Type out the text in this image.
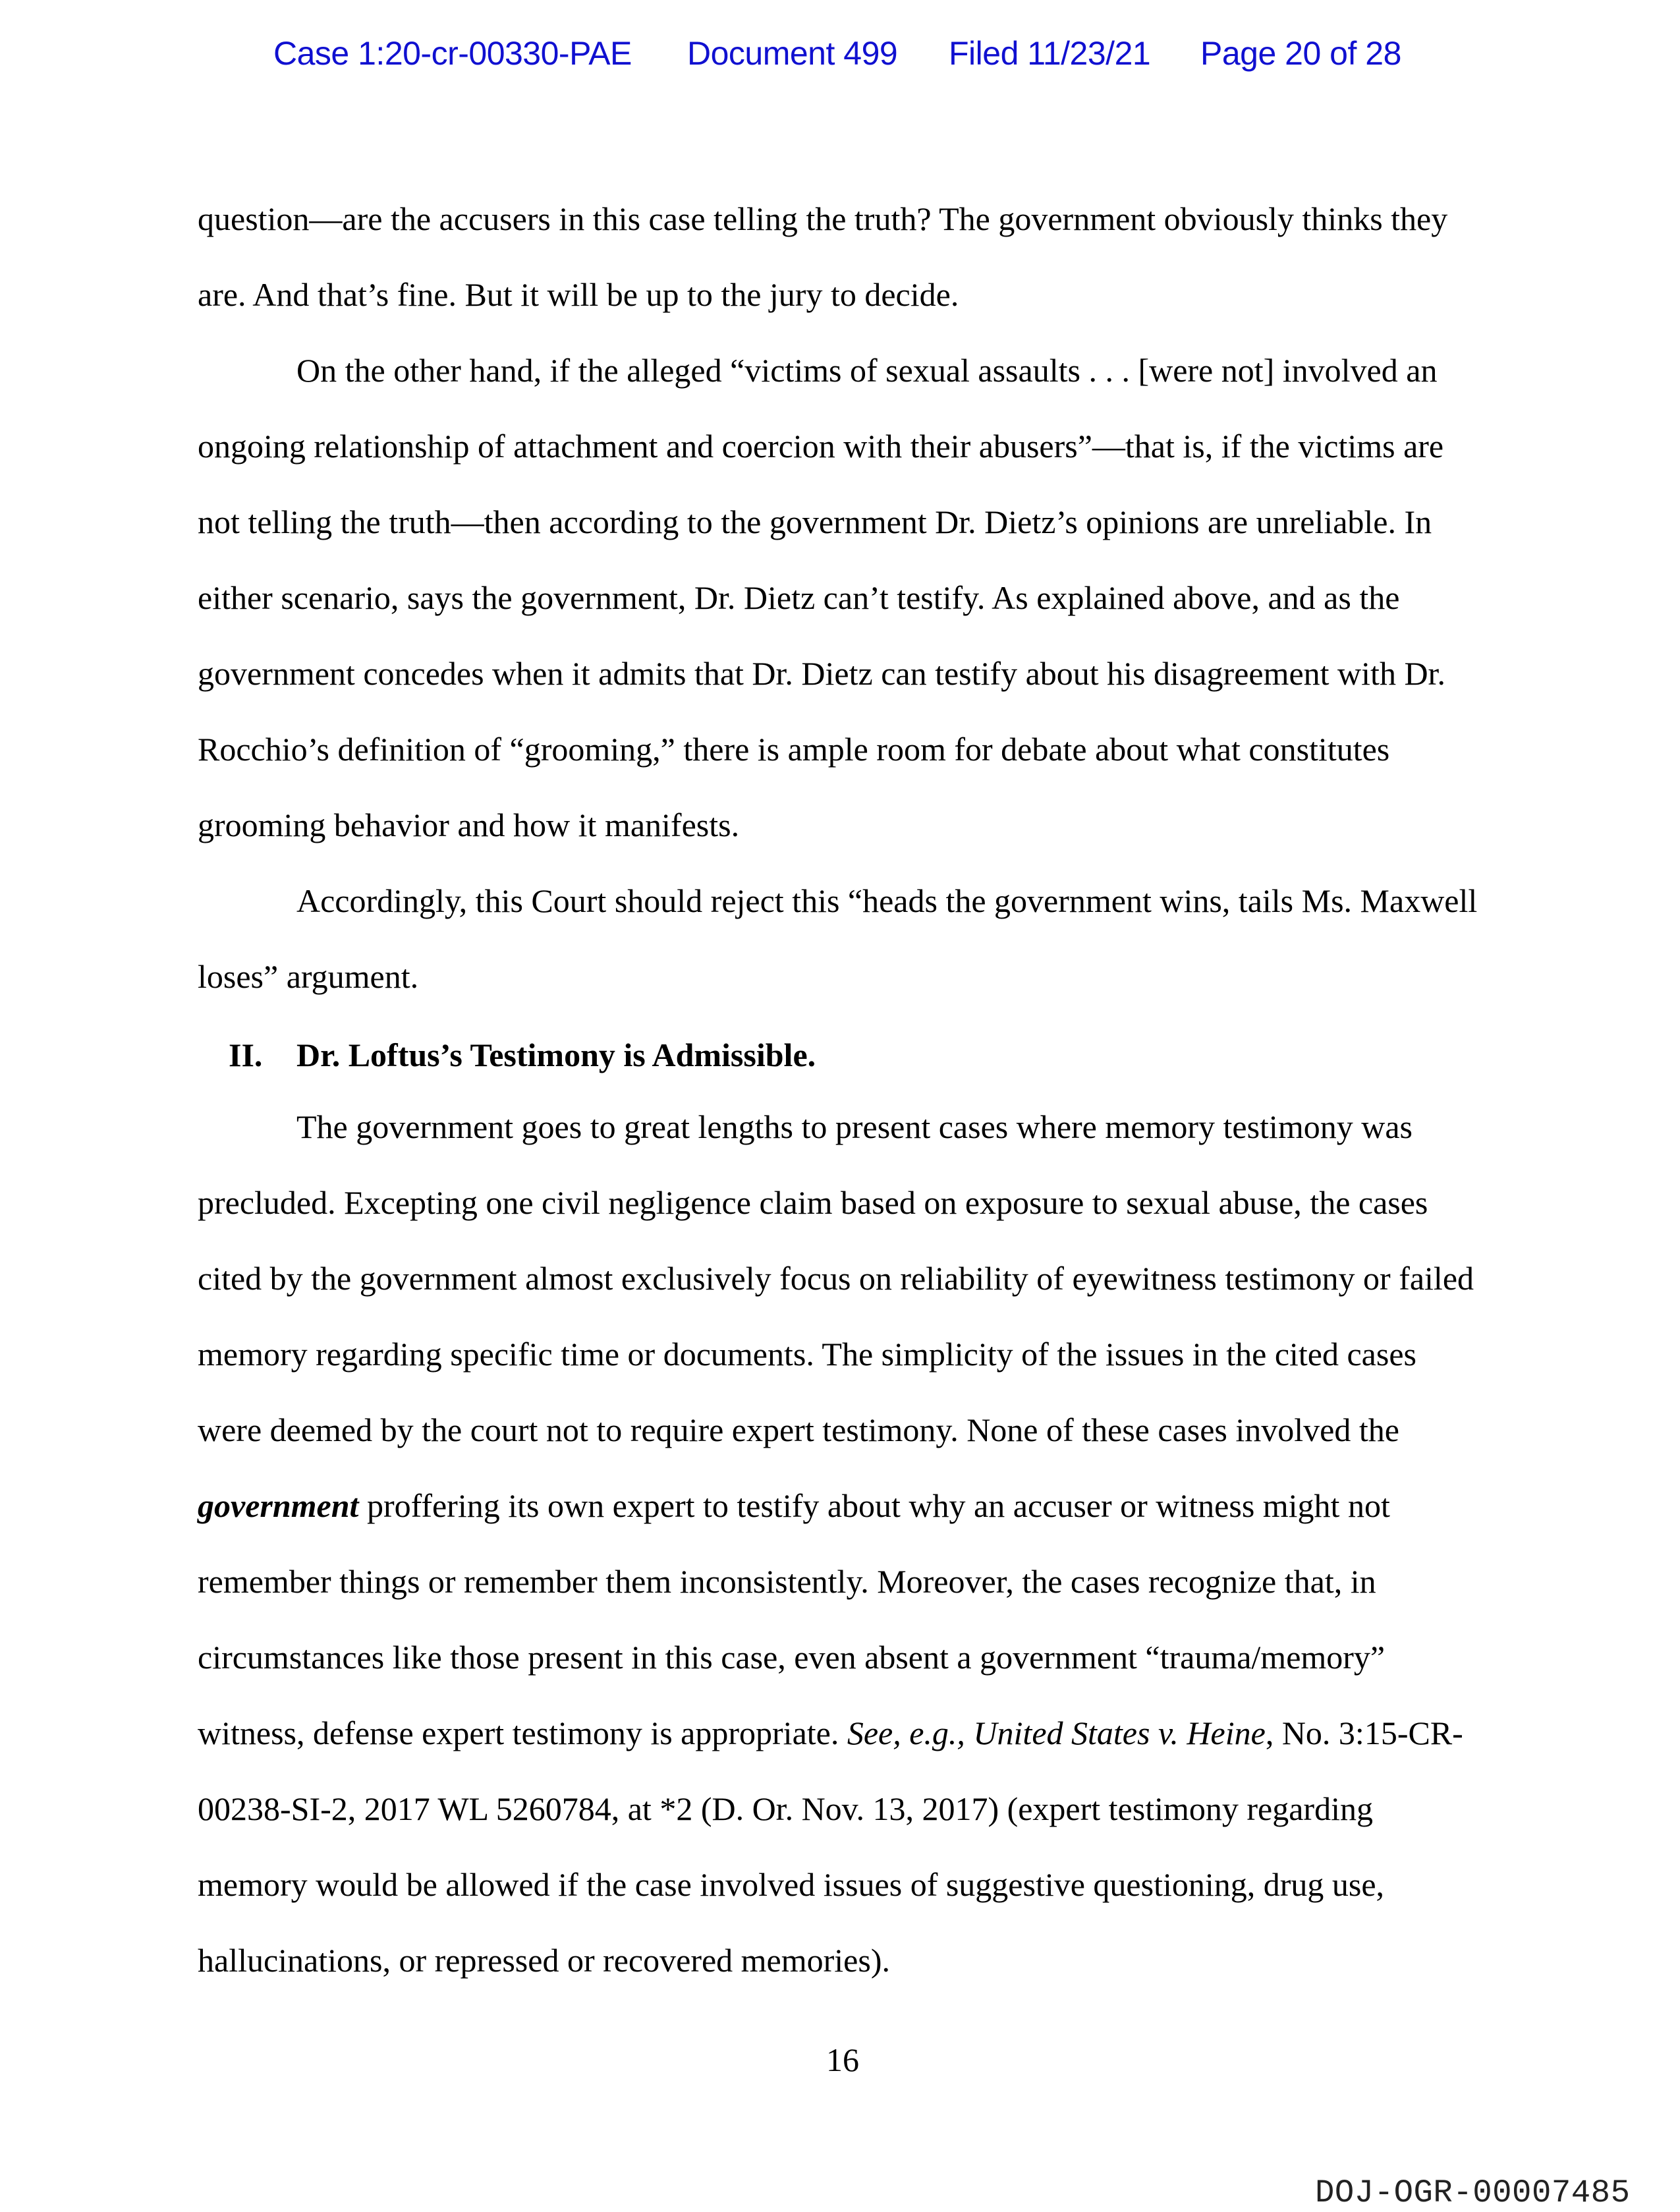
Case 1:20-cr-00330-PAE Document 499 Filed 11/23/21 Page 20 of 28
question—are the accusers in this case telling the truth? The government obviously thinks they
are. And that’s fine. But it will be up to the jury to decide.
On the other hand, if the alleged “victims of sexual assaults . . . [were not] involved an
ongoing relationship of attachment and coercion with their abusers”—that is, if the victims are
not telling the truth—then according to the government Dr. Dietz’s opinions are unreliable. In
either scenario, says the government, Dr. Dietz can’t testify. As explained above, and as the
government concedes when it admits that Dr. Dietz can testify about his disagreement with Dr.
Rocchio’s definition of “grooming,” there is ample room for debate about what constitutes
grooming behavior and how it manifests.
Accordingly, this Court should reject this “heads the government wins, tails Ms. Maxwell
loses” argument.
II. Dr. Loftus’s Testimony is Admissible.
The government goes to great lengths to present cases where memory testimony was
precluded. Excepting one civil negligence claim based on exposure to sexual abuse, the cases
cited by the government almost exclusively focus on reliability of eyewitness testimony or failed
memory regarding specific time or documents. The simplicity of the issues in the cited cases
were deemed by the court not to require expert testimony. None of these cases involved the
government proffering its own expert to testify about why an accuser or witness might not
remember things or remember them inconsistently. Moreover, the cases recognize that, in
circumstances like those present in this case, even absent a government “trauma/memory”
witness, defense expert testimony is appropriate. See, e.g., United States v. Heine, No. 3:15-CR-
00238-SI-2, 2017 WL 5260784, at *2 (D. Or. Nov. 13, 2017) (expert testimony regarding
memory would be allowed if the case involved issues of suggestive questioning, drug use,
hallucinations, or repressed or recovered memories).
16
DOJ-OGR-00007485
